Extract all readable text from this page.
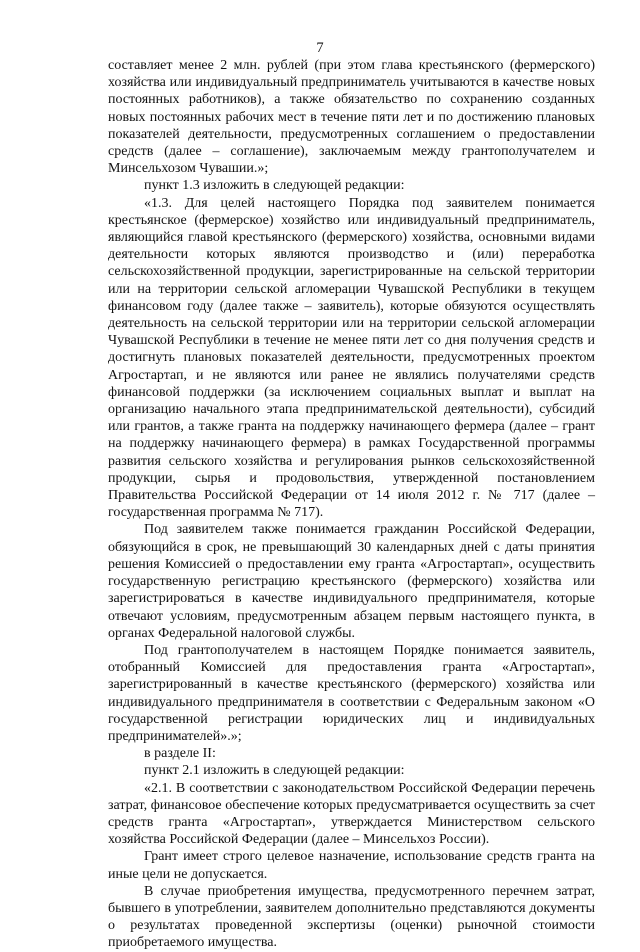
7

составляет менее 2 млн. рублей (при этом глава крестьянского (фермерского) хозяйства или индивидуальный предприниматель учитываются в качестве новых постоянных работников), а также обязательство по сохранению созданных новых постоянных рабочих мест в течение пяти лет и по достижению плановых показателей деятельности, предусмотренных соглашением о предоставлении средств (далее – соглашение), заключаемым между грантополучателем и Минсельхозом Чувашии.»;

пункт 1.3 изложить в следующей редакции:

«1.3. Для целей настоящего Порядка под заявителем понимается крестьянское (фермерское) хозяйство или индивидуальный предприниматель, являющийся главой крестьянского (фермерского) хозяйства, основными видами деятельности которых являются производство и (или) переработка сельскохозяйственной продукции, зарегистрированные на сельской территории или на территории сельской агломерации Чувашской Республики в текущем финансовом году (далее также – заявитель), которые обязуются осуществлять деятельность на сельской территории или на территории сельской агломерации Чувашской Республики в течение не менее пяти лет со дня получения средств и достигнуть плановых показателей деятельности, предусмотренных проектом Агростартап, и не являются или ранее не являлись получателями средств финансовой поддержки (за исключением социальных выплат и выплат на организацию начального этапа предпринимательской деятельности), субсидий или грантов, а также гранта на поддержку начинающего фермера (далее – грант на поддержку начинающего фермера) в рамках Государственной программы развития сельского хозяйства и регулирования рынков сельскохозяйственной продукции, сырья и продовольствия, утвержденной постановлением Правительства Российской Федерации от 14 июля 2012 г. № 717 (далее – государственная программа № 717).

Под заявителем также понимается гражданин Российской Федерации, обязующийся в срок, не превышающий 30 календарных дней с даты принятия решения Комиссией о предоставлении ему гранта «Агростартап», осуществить государственную регистрацию крестьянского (фермерского) хозяйства или зарегистрироваться в качестве индивидуального предпринимателя, которые отвечают условиям, предусмотренным абзацем первым настоящего пункта, в органах Федеральной налоговой службы.

Под грантополучателем в настоящем Порядке понимается заявитель, отобранный Комиссией для предоставления гранта «Агростартап», зарегистрированный в качестве крестьянского (фермерского) хозяйства или индивидуального предпринимателя в соответствии с Федеральным законом «О государственной регистрации юридических лиц и индивидуальных предпринимателей».»;

в разделе II:

пункт 2.1 изложить в следующей редакции:

«2.1. В соответствии с законодательством Российской Федерации перечень затрат, финансовое обеспечение которых предусматривается осуществить за счет средств гранта «Агростартап», утверждается Министерством сельского хозяйства Российской Федерации (далее – Минсельхоз России).

Грант имеет строго целевое назначение, использование средств гранта на иные цели не допускается.

В случае приобретения имущества, предусмотренного перечнем затрат, бывшего в употреблении, заявителем дополнительно представляются документы о результатах проведенной экспертизы (оценки) рыночной стоимости приобретаемого имущества.
